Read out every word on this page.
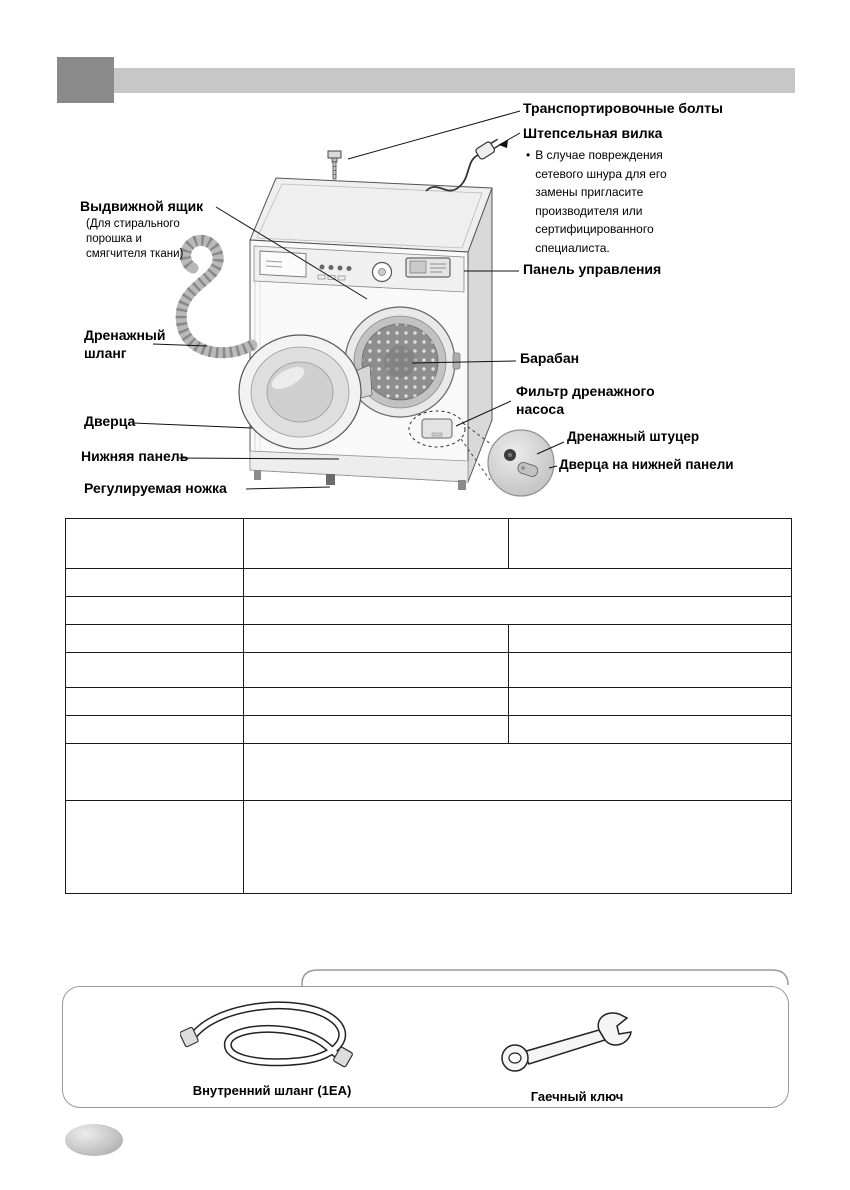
Транспортировочные болты
Штепсельная вилка
• В случае повреждения сетевого шнура для его замены пригласите производителя или сертифицированного специалиста.
Выдвижной ящик
(Для стирального порошка и смягчителя ткани)
Панель управления
Дренажный шланг	Барабан
Фильтр дренажного насоса
Дверца
Дренажный штуцер
Нижняя панель
Дверца на нижней панели
Регулируемая ножка

Внутренний шланг (1EA)	Гаечный ключ
